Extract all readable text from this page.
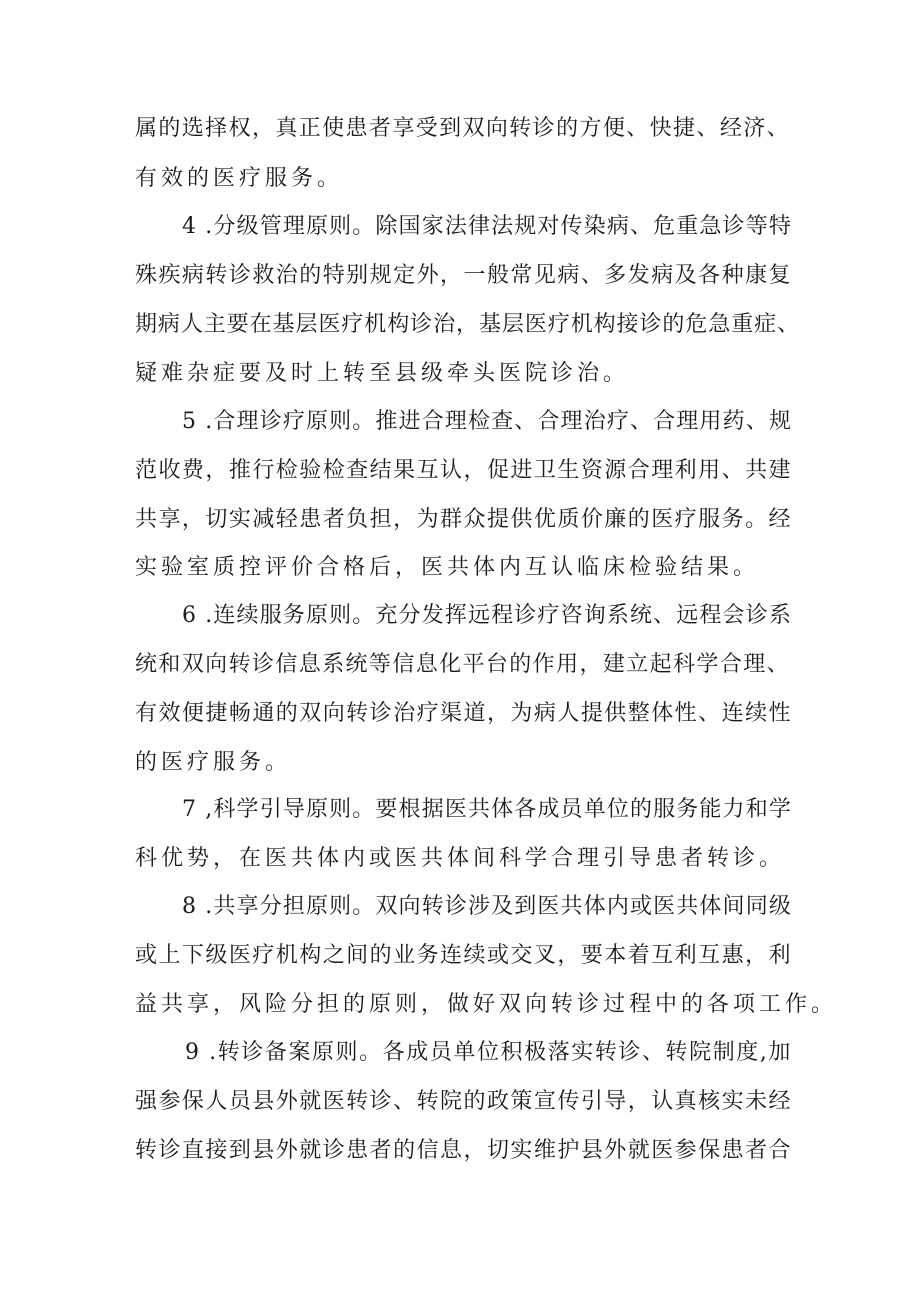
属的选择权，真正使患者享受到双向转诊的方便、快捷、经济、
有效的医疗服务。
4 .分级管理原则。除国家法律法规对传染病、危重急诊等特
殊疾病转诊救治的特别规定外，一般常见病、多发病及各种康复
期病人主要在基层医疗机构诊治，基层医疗机构接诊的危急重症、
疑难杂症要及时上转至县级牵头医院诊治。
5 .合理诊疗原则。推进合理检查、合理治疗、合理用药、规
范收费，推行检验检查结果互认，促进卫生资源合理利用、共建
共享，切实减轻患者负担，为群众提供优质价廉的医疗服务。经
实验室质控评价合格后，医共体内互认临床检验结果。
6 .连续服务原则。充分发挥远程诊疗咨询系统、远程会诊系
统和双向转诊信息系统等信息化平台的作用，建立起科学合理、
有效便捷畅通的双向转诊治疗渠道，为病人提供整体性、连续性
的医疗服务。
7 ,科学引导原则。要根据医共体各成员单位的服务能力和学
科优势，在医共体内或医共体间科学合理引导患者转诊。
8 .共享分担原则。双向转诊涉及到医共体内或医共体间同级
或上下级医疗机构之间的业务连续或交叉，要本着互利互惠，利
益共享，风险分担的原则，做好双向转诊过程中的各项工作。
9 .转诊备案原则。各成员单位积极落实转诊、转院制度,加
强参保人员县外就医转诊、转院的政策宣传引导，认真核实未经
转诊直接到县外就诊患者的信息，切实维护县外就医参保患者合
